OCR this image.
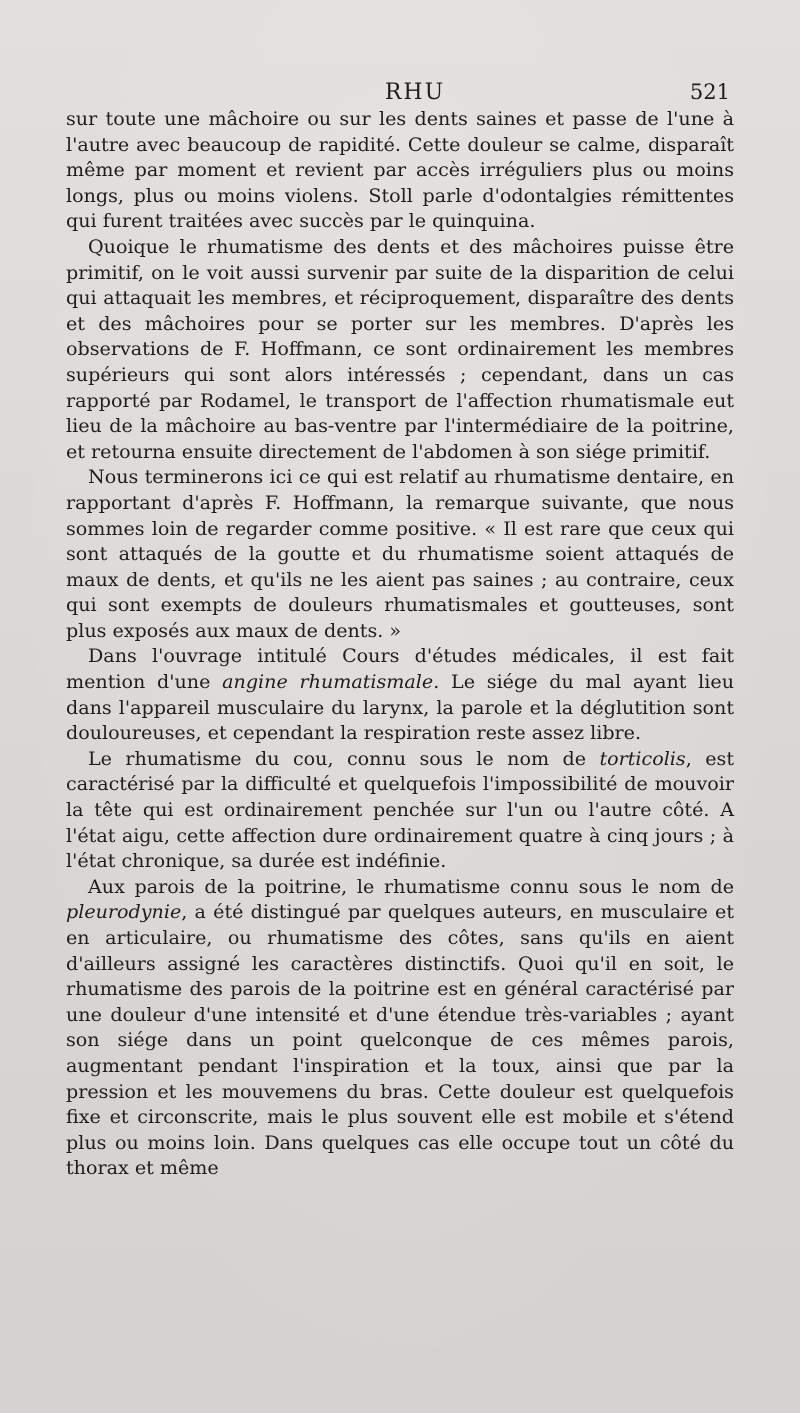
RHU	521

sur toute une mâchoire ou sur les dents saines et passe de l'une à l'autre avec beaucoup de rapidité. Cette douleur se calme, disparaît même par moment et revient par accès irréguliers plus ou moins longs, plus ou moins violens. Stoll parle d'odontalgies rémittentes qui furent traitées avec succès par le quinquina.

Quoique le rhumatisme des dents et des mâchoires puisse être primitif, on le voit aussi survenir par suite de la disparition de celui qui attaquait les membres, et réciproquement, disparaître des dents et des mâchoires pour se porter sur les membres. D'après les observations de F. Hoffmann, ce sont ordinairement les membres supérieurs qui sont alors intéressés ; cependant, dans un cas rapporté par Rodamel, le transport de l'affection rhumatismale eut lieu de la mâchoire au bas-ventre par l'intermédiaire de la poitrine, et retourna ensuite directement de l'abdomen à son siége primitif.

Nous terminerons ici ce qui est relatif au rhumatisme dentaire, en rapportant d'après F. Hoffmann, la remarque suivante, que nous sommes loin de regarder comme positive. « Il est rare que ceux qui sont attaqués de la goutte et du rhumatisme soient attaqués de maux de dents, et qu'ils ne les aient pas saines ; au contraire, ceux qui sont exempts de douleurs rhumatismales et goutteuses, sont plus exposés aux maux de dents. »

Dans l'ouvrage intitulé Cours d'études médicales, il est fait mention d'une angine rhumatismale. Le siége du mal ayant lieu dans l'appareil musculaire du larynx, la parole et la déglutition sont douloureuses, et cependant la respiration reste assez libre.

Le rhumatisme du cou, connu sous le nom de torticolis, est caractérisé par la difficulté et quelquefois l'impossibilité de mouvoir la tête qui est ordinairement penchée sur l'un ou l'autre côté. A l'état aigu, cette affection dure ordinairement quatre à cinq jours ; à l'état chronique, sa durée est indéfinie.

Aux parois de la poitrine, le rhumatisme connu sous le nom de pleurodynie, a été distingué par quelques auteurs, en musculaire et en articulaire, ou rhumatisme des côtes, sans qu'ils en aient d'ailleurs assigné les caractères distinctifs. Quoi qu'il en soit, le rhumatisme des parois de la poitrine est en général caractérisé par une douleur d'une intensité et d'une étendue très-variables ; ayant son siége dans un point quelconque de ces mêmes parois, augmentant pendant l'inspiration et la toux, ainsi que par la pression et les mouvemens du bras. Cette douleur est quelquefois fixe et circonscrite, mais le plus souvent elle est mobile et s'étend plus ou moins loin. Dans quelques cas elle occupe tout un côté du thorax et même
